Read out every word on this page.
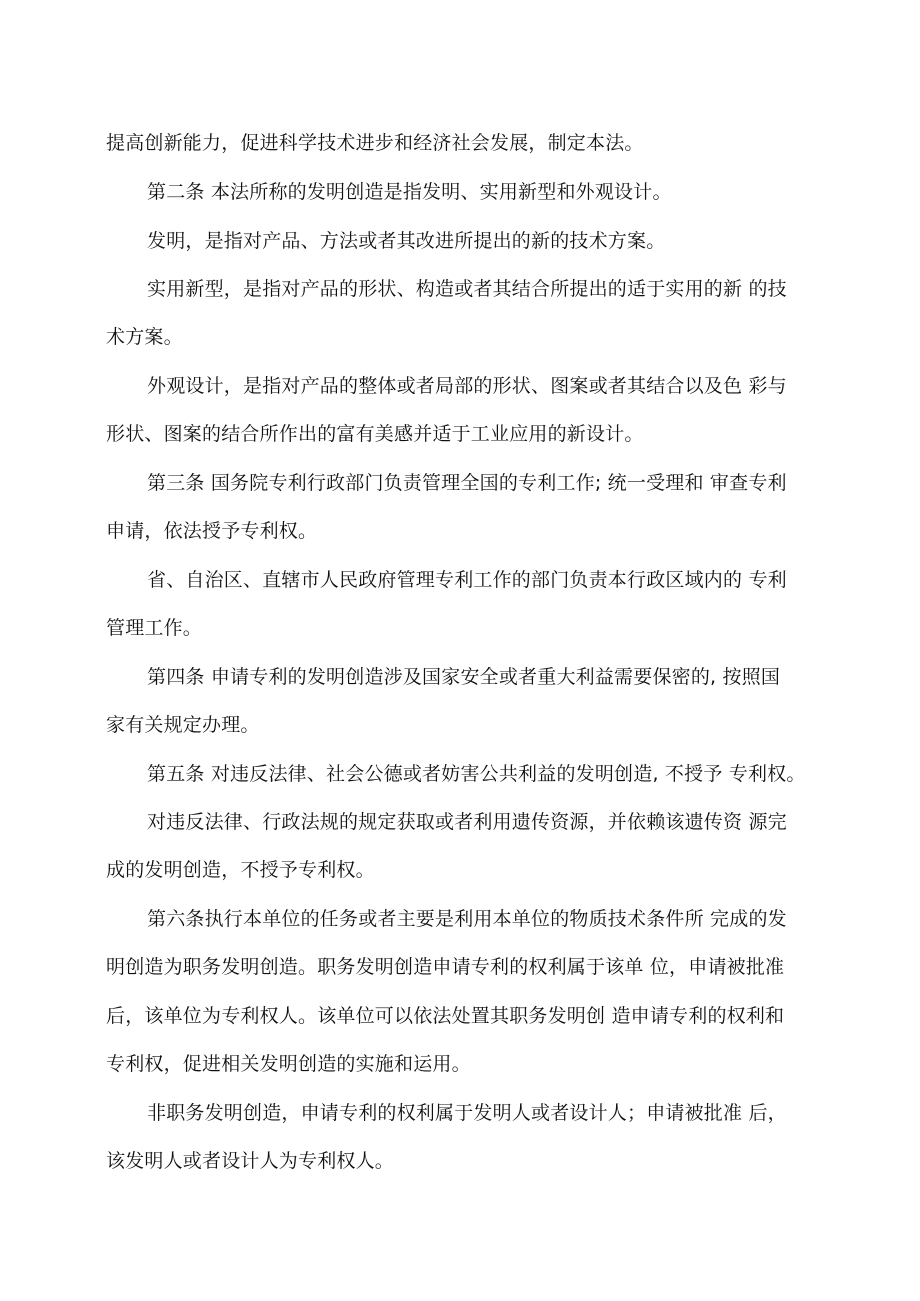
提高创新能力，促进科学技术进步和经济社会发展，制定本法。
第二条 本法所称的发明创造是指发明、实用新型和外观设计。
发明，是指对产品、方法或者其改进所提出的新的技术方案。
实用新型，是指对产品的形状、构造或者其结合所提出的适于实用的新 的技
术方案。
外观设计，是指对产品的整体或者局部的形状、图案或者其结合以及色 彩与
形状、图案的结合所作出的富有美感并适于工业应用的新设计。
第三条 国务院专利行政部门负责管理全国的专利工作; 统一受理和 审查专利
申请，依法授予专利权。
省、自治区、直辖市人民政府管理专利工作的部门负责本行政区域内的 专利
管理工作。
第四条 申请专利的发明创造涉及国家安全或者重大利益需要保密的, 按照国
家有关规定办理。
第五条 对违反法律、社会公德或者妨害公共利益的发明创造, 不授予 专利权。
对违反法律、行政法规的规定获取或者利用遗传资源，并依赖该遗传资 源完
成的发明创造，不授予专利权。
第六条执行本单位的任务或者主要是利用本单位的物质技术条件所 完成的发
明创造为职务发明创造。职务发明创造申请专利的权利属于该单 位，申请被批准
后，该单位为专利权人。该单位可以依法处置其职务发明创 造申请专利的权利和
专利权，促进相关发明创造的实施和运用。
非职务发明创造，申请专利的权利属于发明人或者设计人；申请被批准 后，
该发明人或者设计人为专利权人。
